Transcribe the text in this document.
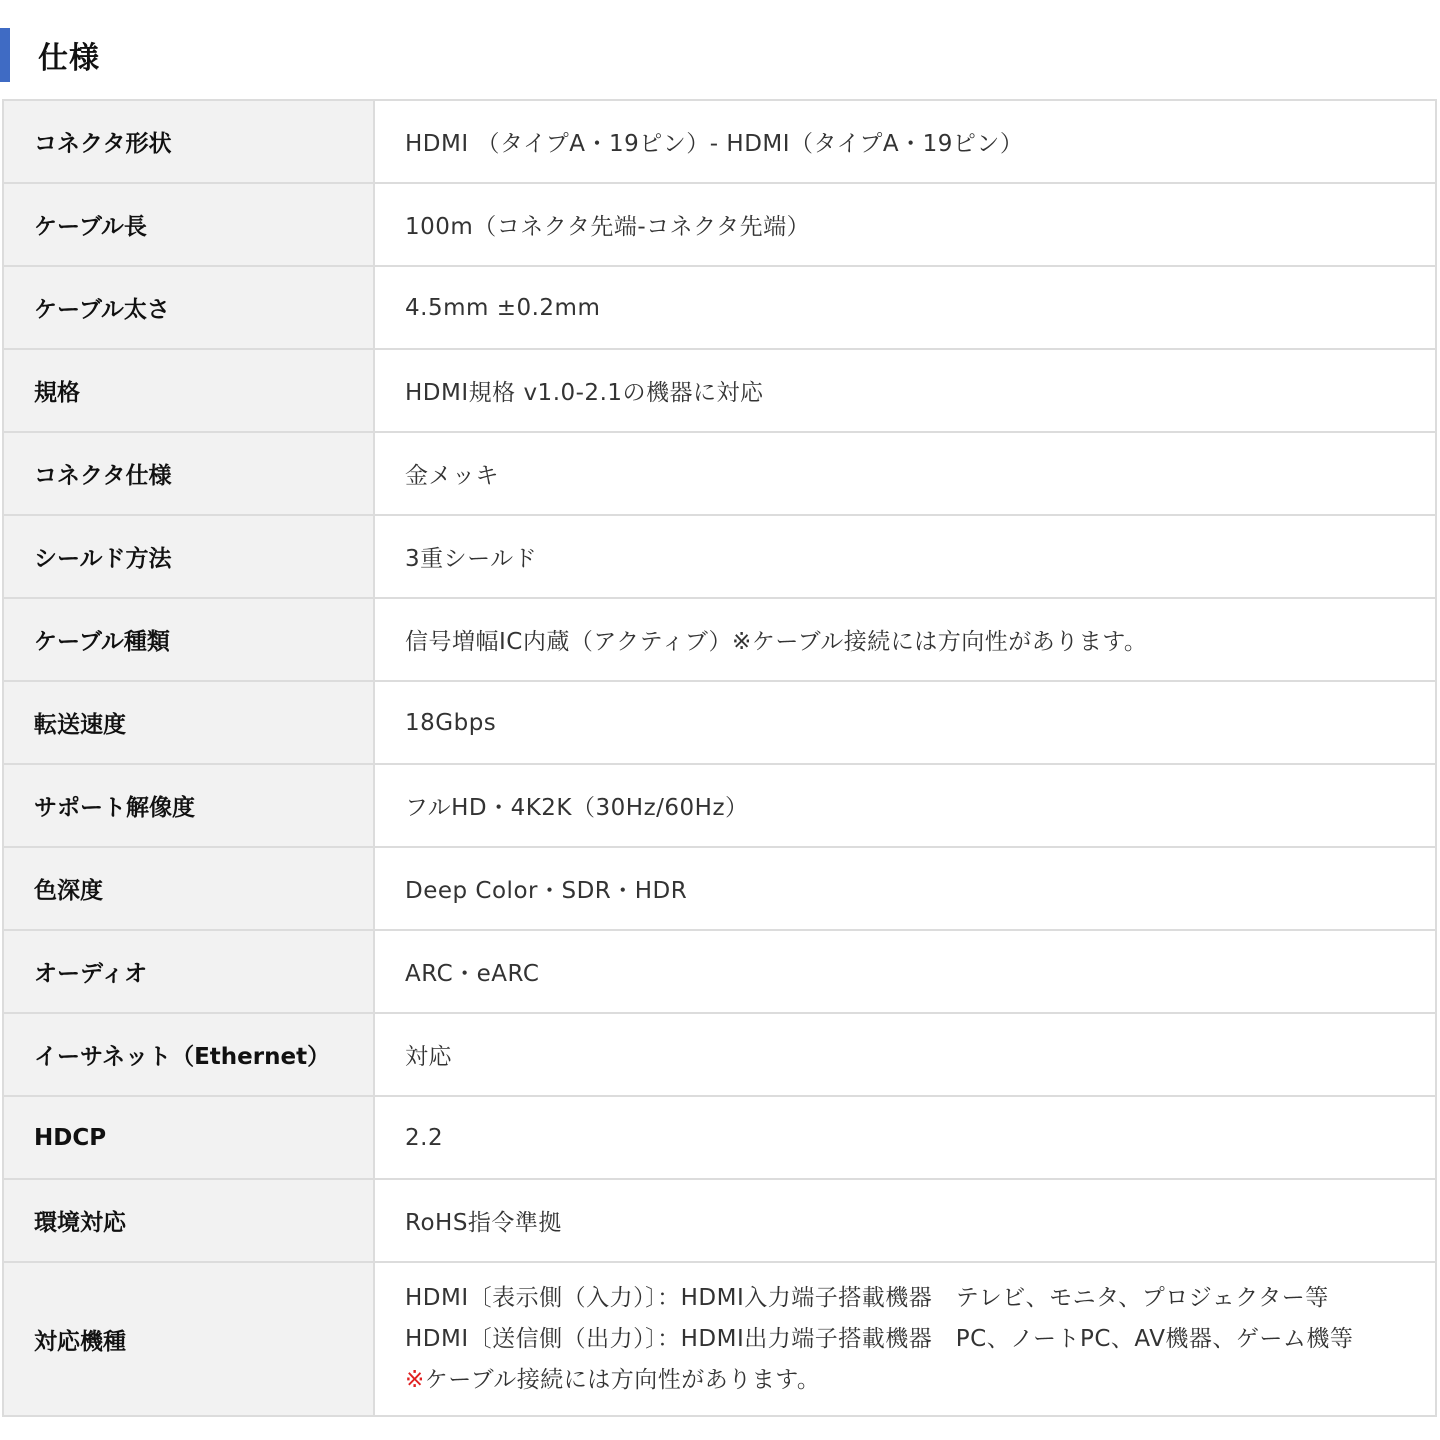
仕様
コネクタ形状	HDMI （タイプA・19ピン）- HDMI（タイプA・19ピン）
ケーブル長	100m（コネクタ先端-コネクタ先端）
ケーブル太さ	4.5mm ±0.2mm
規格	HDMI規格 v1.0-2.1の機器に対応
コネクタ仕様	金メッキ
シールド方法	3重シールド
ケーブル種類	信号増幅IC内蔵（アクティブ）※ケーブル接続には方向性があります。
転送速度	18Gbps
サポート解像度	フルHD・4K2K（30Hz/60Hz）
色深度	Deep Color・SDR・HDR
オーディオ	ARC・eARC
イーサネット（Ethernet）	対応
HDCP	2.2
環境対応	RoHS指令準拠
対応機種	HDMI〔表示側（入力）〕：HDMI入力端子搭載機器　テレビ、モニタ、プロジェクター等
HDMI〔送信側（出力）〕：HDMI出力端子搭載機器　PC、ノートPC、AV機器、ゲーム機等
※ケーブル接続には方向性があります。
